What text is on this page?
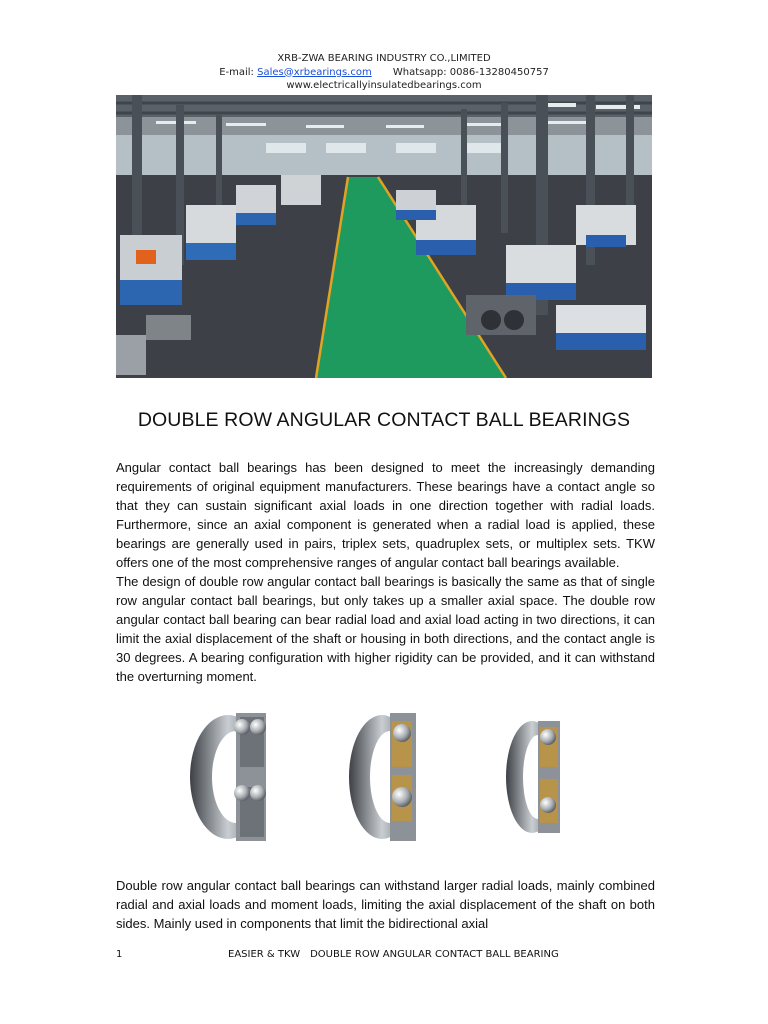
XRB-ZWA BEARING INDUSTRY CO.,LIMITED
E-mail: Sales@xrbearings.com Whatsapp: 0086-13280450757
www.electricallyinsulatedbearings.com
DOUBLE ROW ANGULAR CONTACT BALL BEARINGS

Angular contact ball bearings has been designed to meet the increasingly demanding requirements of original equipment manufacturers. These bearings have a contact angle so that they can sustain significant axial loads in one direction together with radial loads. Furthermore, since an axial component is generated when a radial load is applied, these bearings are generally used in pairs, triplex sets, quadruplex sets, or multiplex sets. TKW offers one of the most comprehensive ranges of angular contact ball bearings available.

The design of double row angular contact ball bearings is basically the same as that of single row angular contact ball bearings, but only takes up a smaller axial space. The double row angular contact ball bearing can bear radial load and axial load acting in two directions, it can limit the axial displacement of the shaft or housing in both directions, and the contact angle is 30 degrees. A bearing configuration with higher rigidity can be provided, and it can withstand the overturning moment.

Double row angular contact ball bearings can withstand larger radial loads, mainly combined radial and axial loads and moment loads, limiting the axial displacement of the shaft on both sides. Mainly used in components that limit the bidirectional axial

1	EASIER & TKW DOUBLE ROW ANGULAR CONTACT BALL BEARING
